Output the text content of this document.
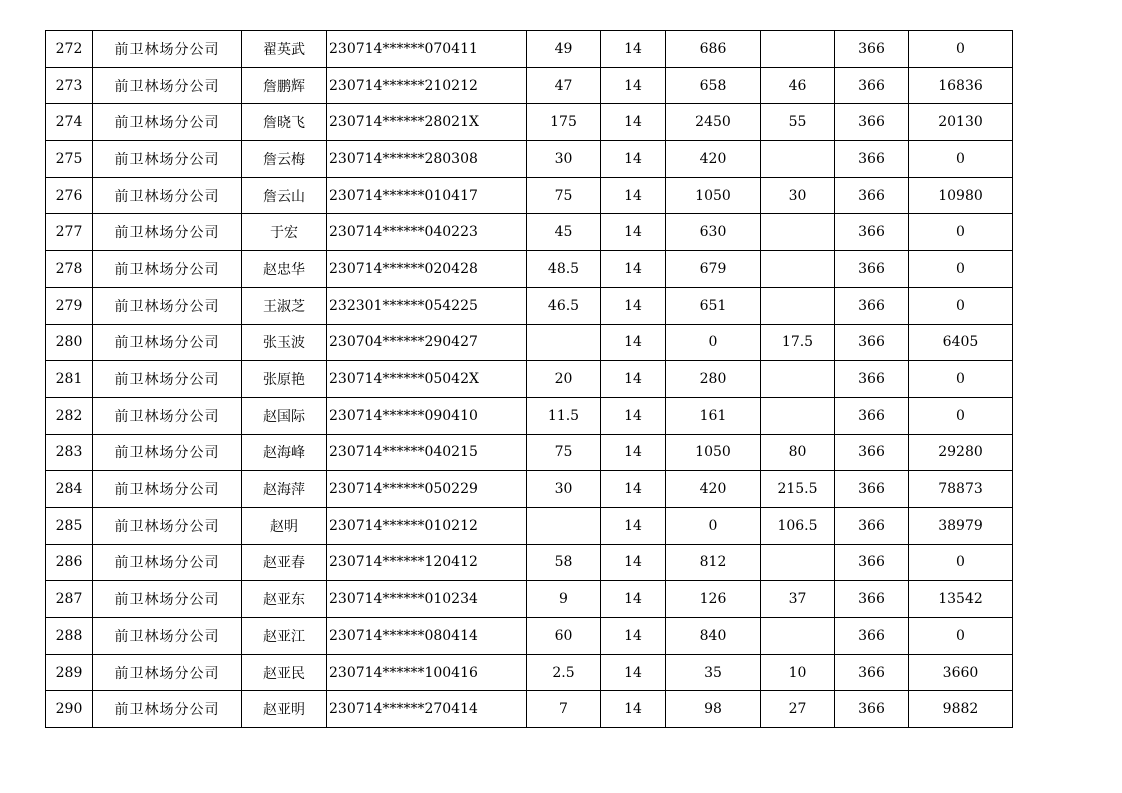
272	前卫林场分公司	翟英武	230714******070411	49	14	686		366	0
273	前卫林场分公司	詹鹏辉	230714******210212	47	14	658	46	366	16836
274	前卫林场分公司	詹晓飞	230714******28021X	175	14	2450	55	366	20130
275	前卫林场分公司	詹云梅	230714******280308	30	14	420		366	0
276	前卫林场分公司	詹云山	230714******010417	75	14	1050	30	366	10980
277	前卫林场分公司	于宏	230714******040223	45	14	630		366	0
278	前卫林场分公司	赵忠华	230714******020428	48.5	14	679		366	0
279	前卫林场分公司	王淑芝	232301******054225	46.5	14	651		366	0
280	前卫林场分公司	张玉波	230704******290427		14	0	17.5	366	6405
281	前卫林场分公司	张原艳	230714******05042X	20	14	280		366	0
282	前卫林场分公司	赵国际	230714******090410	11.5	14	161		366	0
283	前卫林场分公司	赵海峰	230714******040215	75	14	1050	80	366	29280
284	前卫林场分公司	赵海萍	230714******050229	30	14	420	215.5	366	78873
285	前卫林场分公司	赵明	230714******010212		14	0	106.5	366	38979
286	前卫林场分公司	赵亚春	230714******120412	58	14	812		366	0
287	前卫林场分公司	赵亚东	230714******010234	9	14	126	37	366	13542
288	前卫林场分公司	赵亚江	230714******080414	60	14	840		366	0
289	前卫林场分公司	赵亚民	230714******100416	2.5	14	35	10	366	3660
290	前卫林场分公司	赵亚明	230714******270414	7	14	98	27	366	9882
